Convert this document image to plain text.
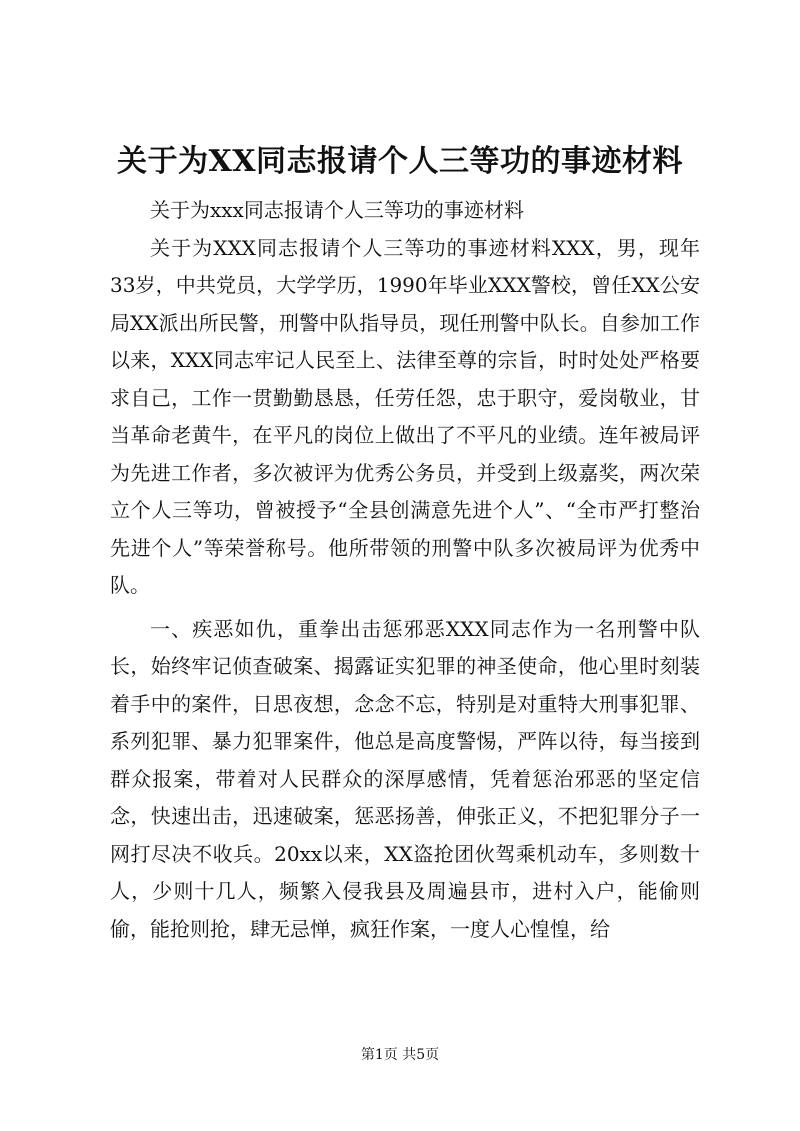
关于为XX同志报请个人三等功的事迹材料

关于为xxx同志报请个人三等功的事迹材料

关于为XXX同志报请个人三等功的事迹材料XXX，男，现年33岁，中共党员，大学学历，1990年毕业XXX警校，曾任XX公安局XX派出所民警，刑警中队指导员，现任刑警中队长。自参加工作以来，XXX同志牢记人民至上、法律至尊的宗旨，时时处处严格要求自己，工作一贯勤勤恳恳，任劳任怨，忠于职守，爱岗敬业，甘当革命老黄牛，在平凡的岗位上做出了不平凡的业绩。连年被局评为先进工作者，多次被评为优秀公务员，并受到上级嘉奖，两次荣立个人三等功，曾被授予“全县创满意先进个人”、“全市严打整治先进个人”等荣誉称号。他所带领的刑警中队多次被局评为优秀中队。

一、疾恶如仇，重拳出击惩邪恶XXX同志作为一名刑警中队长，始终牢记侦查破案、揭露证实犯罪的神圣使命，他心里时刻装着手中的案件，日思夜想，念念不忘，特别是对重特大刑事犯罪、系列犯罪、暴力犯罪案件，他总是高度警惕，严阵以待，每当接到群众报案，带着对人民群众的深厚感情，凭着惩治邪恶的坚定信念，快速出击，迅速破案，惩恶扬善，伸张正义，不把犯罪分子一网打尽决不收兵。20xx以来，XX盗抢团伙驾乘机动车，多则数十人，少则十几人，频繁入侵我县及周遍县市，进村入户，能偷则偷，能抢则抢，肆无忌惮，疯狂作案，一度人心惶惶，给

第1页 共5页
